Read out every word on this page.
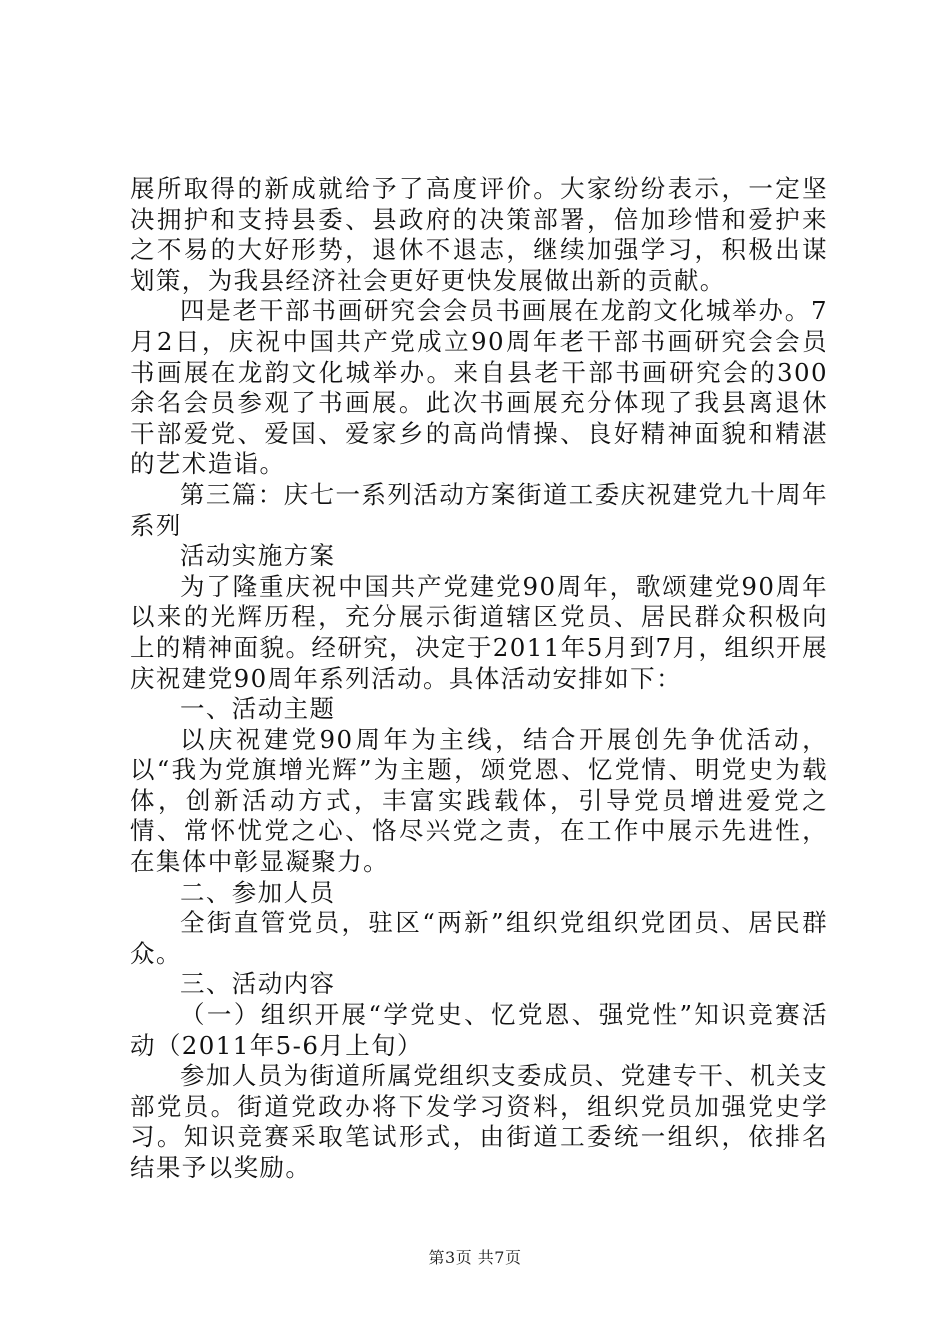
展所取得的新成就给予了高度评价。大家纷纷表示，一定坚决拥护和支持县委、县政府的决策部署，倍加珍惜和爱护来之不易的大好形势，退休不退志，继续加强学习，积极出谋划策，为我县经济社会更好更快发展做出新的贡献。

四是老干部书画研究会会员书画展在龙韵文化城举办。7月2日，庆祝中国共产党成立90周年老干部书画研究会会员书画展在龙韵文化城举办。来自县老干部书画研究会的300余名会员参观了书画展。此次书画展充分体现了我县离退休干部爱党、爱国、爱家乡的高尚情操、良好精神面貌和精湛的艺术造诣。

第三篇：庆七一系列活动方案街道工委庆祝建党九十周年系列

活动实施方案

为了隆重庆祝中国共产党建党90周年，歌颂建党90周年以来的光辉历程，充分展示街道辖区党员、居民群众积极向上的精神面貌。经研究，决定于2011年5月到7月，组织开展庆祝建党90周年系列活动。具体活动安排如下：

一、活动主题

以庆祝建党90周年为主线，结合开展创先争优活动，以“我为党旗增光辉”为主题，颂党恩、忆党情、明党史为载体，创新活动方式，丰富实践载体，引导党员增进爱党之情、常怀忧党之心、恪尽兴党之责，在工作中展示先进性，在集体中彰显凝聚力。

二、参加人员

全街直管党员，驻区“两新”组织党组织党团员、居民群众。

三、活动内容

（一）组织开展“学党史、忆党恩、强党性”知识竞赛活动（2011年5-6月上旬）

参加人员为街道所属党组织支委成员、党建专干、机关支部党员。街道党政办将下发学习资料，组织党员加强党史学习。知识竞赛采取笔试形式，由街道工委统一组织，依排名结果予以奖励。

第3页 共7页
